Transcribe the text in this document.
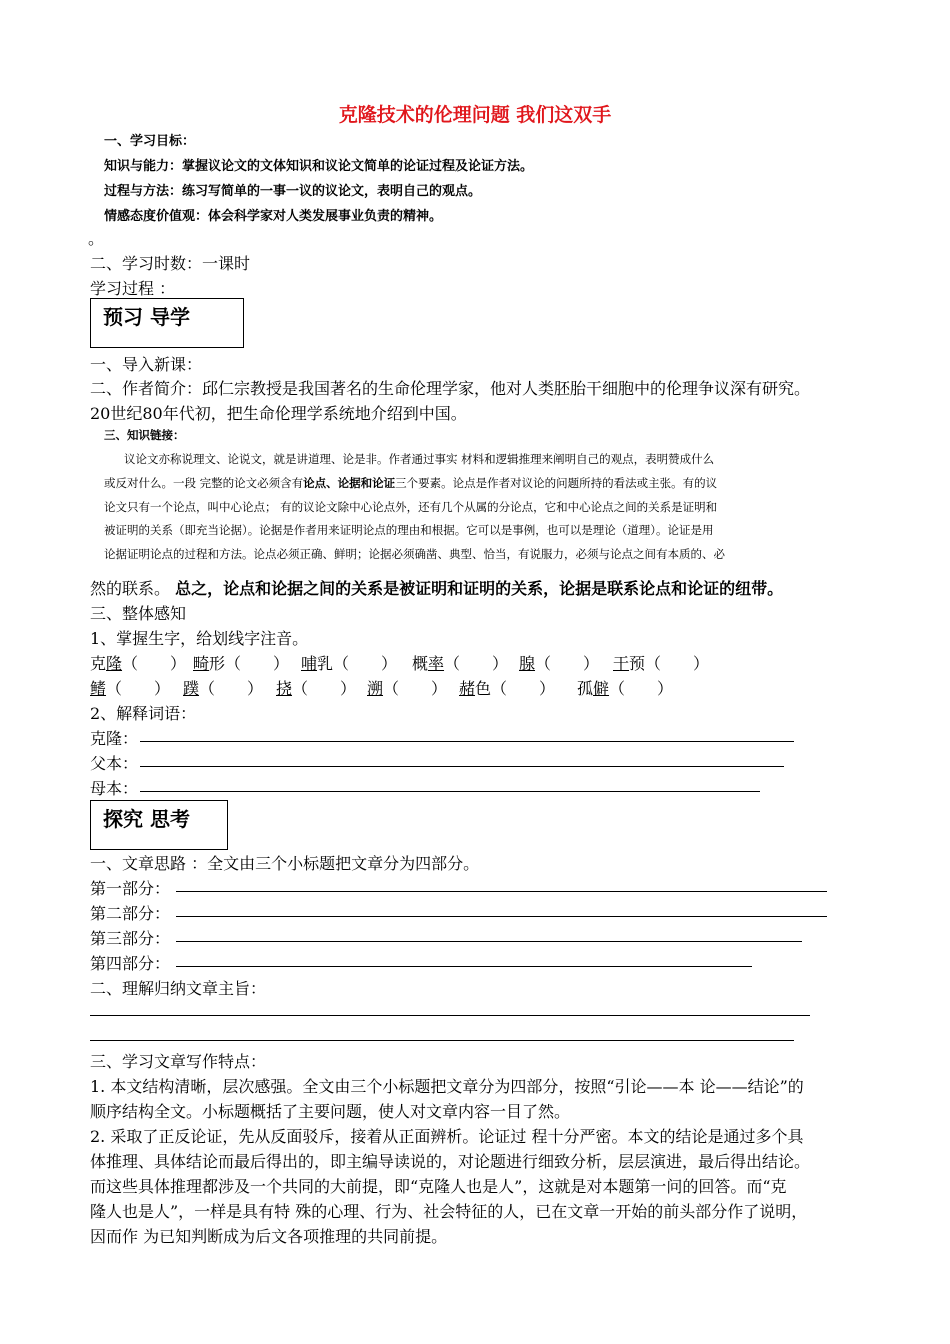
克隆技术的伦理问题 我们这双手
一、学习目标：
知识与能力：掌握议论文的文体知识和议论文简单的论证过程及论证方法。
过程与方法：练习写简单的一事一议的议论文，表明自己的观点。
情感态度价值观：体会科学家对人类发展事业负责的精神。
。
二、学习时数：一课时
学习过程 ：
预习 导学
一、导入新课：
二、作者简介：邱仁宗教授是我国著名的生命伦理学家，他对人类胚胎干细胞中的伦理争议深有研究。
20世纪80年代初，把生命伦理学系统地介绍到中国。
三、知识链接：
议论文亦称说理文、论说文，就是讲道理、论是非。作者通过事实 材料和逻辑推理来阐明自己的观点，表明赞成什么
或反对什么。一段 完整的论文必须含有论点、论据和论证三个要素。论点是作者对议论的问题所持的看法或主张。有的议
论文只有一个论点，叫中心论点； 有的议论文除中心论点外，还有几个从属的分论点，它和中心论点之间的关系是证明和
被证明的关系（即充当论据）。论据是作者用来证明论点的理由和根据。它可以是事例，也可以是理论（道理）。论证是用
论据证明论点的过程和方法。论点必须正确、鲜明；论据必须确凿、典型、恰当，有说服力，必须与论点之间有本质的、必
然的联系。 总之，论点和论据之间的关系是被证明和证明的关系，论据是联系论点和论证的纽带。
三、整体感知
1、掌握生字，给划线字注音。
克隆（　　） 畸形（　　） 哺乳（　　） 概率（　　） 腺（　　） 干预（　　）
鳍（　　） 蹼（　　） 挠（　　） 溯（　　） 赭色（　　） 孤僻（　　）
2、解释词语：
克隆：
父本：
母本：
探究 思考
一、文章思路 ：全文由三个小标题把文章分为四部分。
第一部分：
第二部分：
第三部分：
第四部分：
二、理解归纳文章主旨：
三、学习文章写作特点：
1. 本文结构清晰，层次感强。全文由三个小标题把文章分为四部分，按照“引论——本 论——结论”的
顺序结构全文。小标题概括了主要问题，使人对文章内容一目了然。
2. 采取了正反论证，先从反面驳斥，接着从正面辨析。论证过 程十分严密。本文的结论是通过多个具
体推理、具体结论而最后得出的，即主编导读说的，对论题进行细致分析，层层演进，最后得出结论。
而这些具体推理都涉及一个共同的大前提，即“克隆人也是人”，这就是对本题第一问的回答。而“克
隆人也是人”，一样是具有特 殊的心理、行为、社会特征的人，已在文章一开始的前头部分作了说明，
因而作 为已知判断成为后文各项推理的共同前提。
